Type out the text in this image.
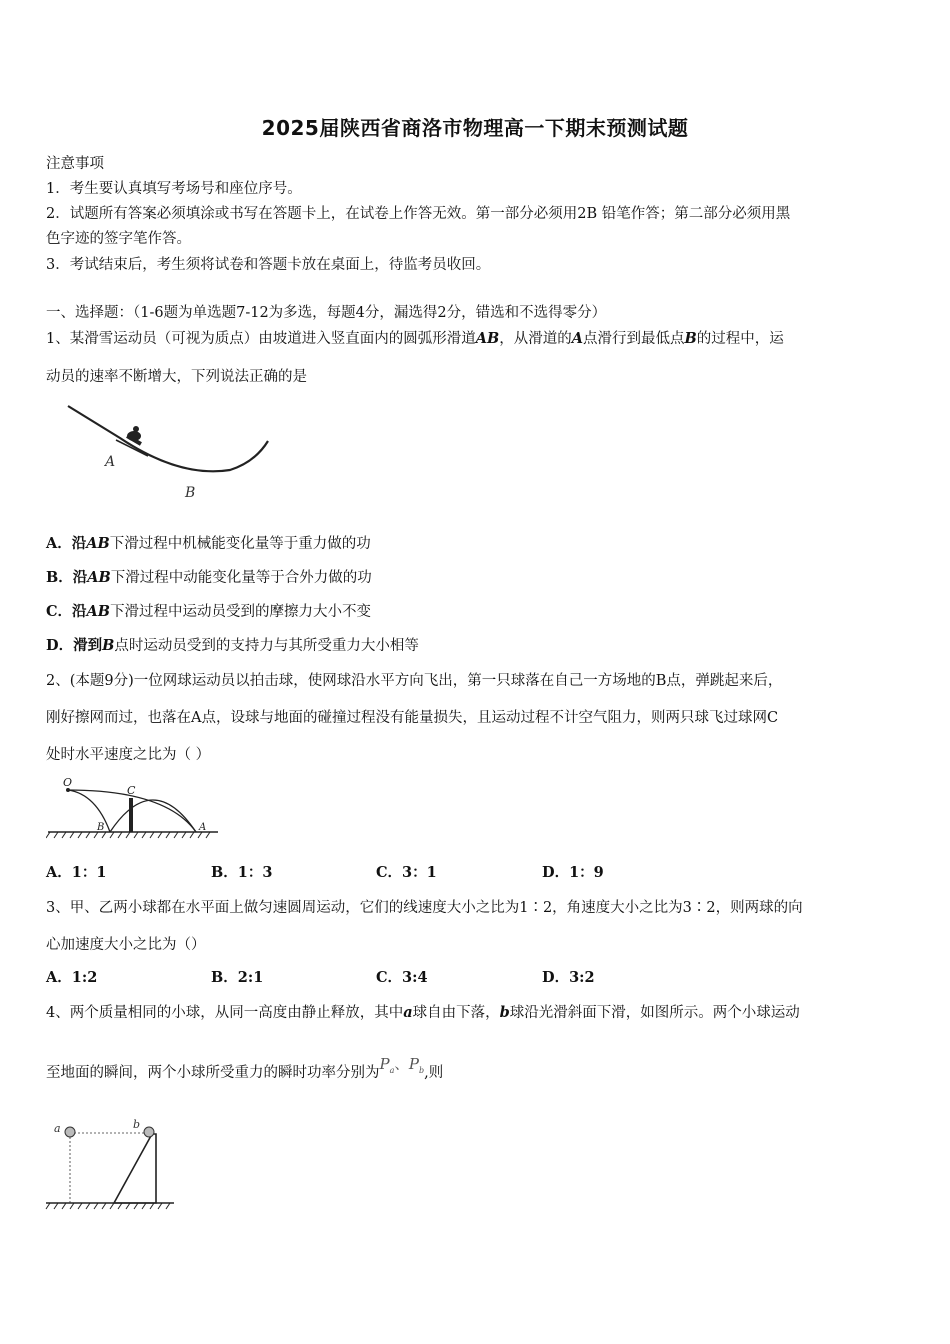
2025届陕西省商洛市物理高一下期末预测试题
注意事项
1．考生要认真填写考场号和座位序号。
2．试题所有答案必须填涂或书写在答题卡上，在试卷上作答无效。第一部分必须用2B 铅笔作答；第二部分必须用黑
色字迹的签字笔作答。
3．考试结束后，考生须将试卷和答题卡放在桌面上，待监考员收回。
一、选择题：（1-6题为单选题7-12为多选，每题4分，漏选得2分，错选和不选得零分）
1、某滑雪运动员（可视为质点）由坡道进入竖直面内的圆弧形滑道AB，从滑道的A点滑行到最低点B的过程中，运
动员的速率不断增大，下列说法正确的是
A
B
A．沿AB下滑过程中机械能变化量等于重力做的功
B．沿AB下滑过程中动能变化量等于合外力做的功
C．沿AB下滑过程中运动员受到的摩擦力大小不变
D．滑到B点时运动员受到的支持力与其所受重力大小相等
2、(本题9分)一位网球运动员以拍击球，使网球沿水平方向飞出，第一只球落在自己一方场地的B点，弹跳起来后，
刚好擦网而过，也落在A点，设球与地面的碰撞过程没有能量损失，且运动过程不计空气阻力，则两只球飞过球网C
处时水平速度之比为（ ）
O
C
B	A
A．1：1	B．1：3	C．3：1	D．1：9
3、甲、乙两小球都在水平面上做匀速圆周运动，它们的线速度大小之比为1∶2，角速度大小之比为3∶2，则两球的向
心加速度大小之比为（）
A．1:2	B．2:1	C．3:4	D．3:2
4、两个质量相同的小球，从同一高度由静止释放，其中a球自由下落，b球沿光滑斜面下滑，如图所示。两个小球运动
至地面的瞬间，两个小球所受重力的瞬时功率分别为$P_a$、$P_b$,则
a	b
